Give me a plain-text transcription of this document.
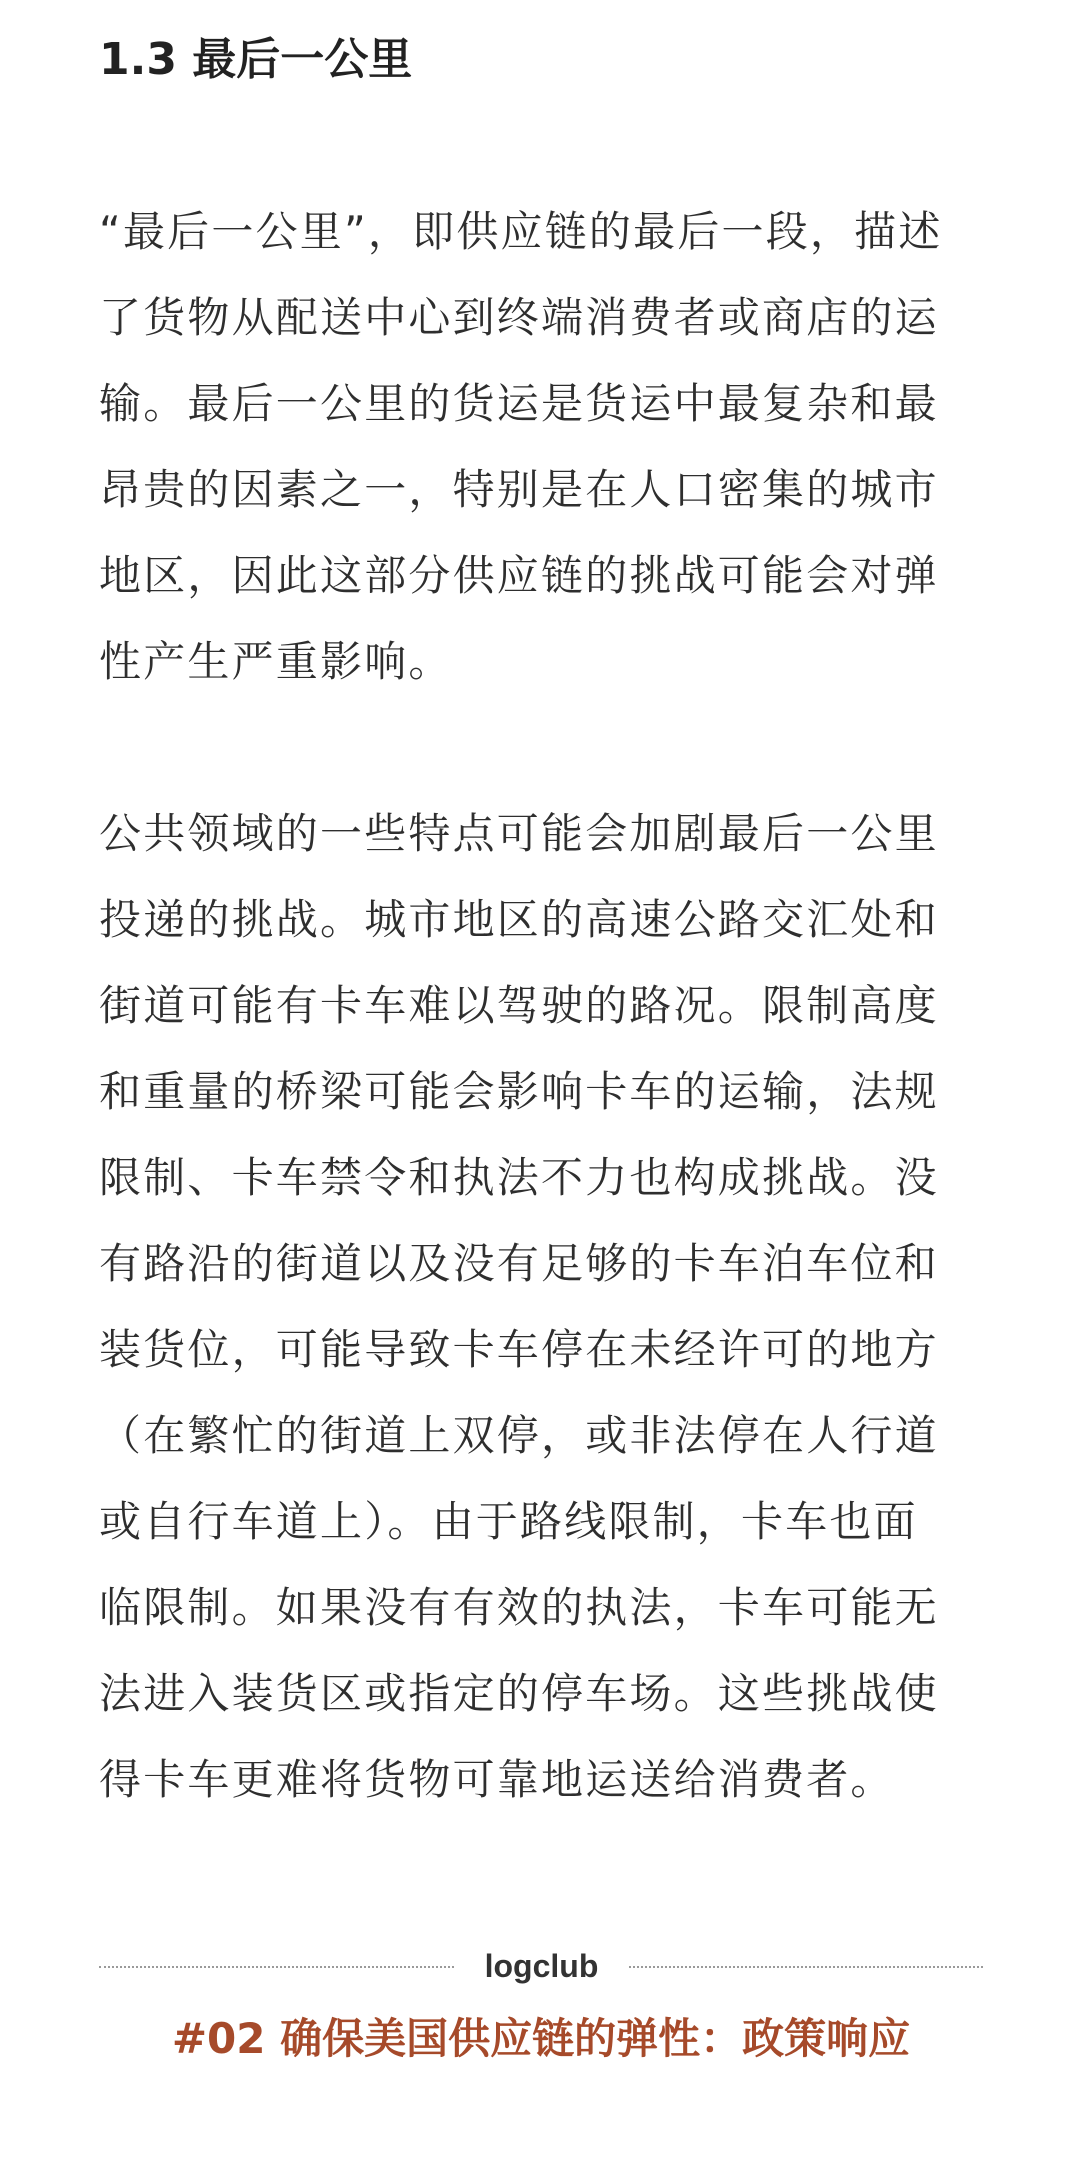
1.3 最后一公里

“最后一公里”，即供应链的最后一段，描述
了货物从配送中心到终端消费者或商店的运
输。最后一公里的货运是货运中最复杂和最
昂贵的因素之一，特别是在人口密集的城市
地区，因此这部分供应链的挑战可能会对弹
性产生严重影响。

公共领域的一些特点可能会加剧最后一公里
投递的挑战。城市地区的高速公路交汇处和
街道可能有卡车难以驾驶的路况。限制高度
和重量的桥梁可能会影响卡车的运输，法规
限制、卡车禁令和执法不力也构成挑战。没
有路沿的街道以及没有足够的卡车泊车位和
装货位，可能导致卡车停在未经许可的地方
（在繁忙的街道上双停，或非法停在人行道
或自行车道上）。由于路线限制，卡车也面
临限制。如果没有有效的执法，卡车可能无
法进入装货区或指定的停车场。这些挑战使
得卡车更难将货物可靠地运送给消费者。

logclub

#02 确保美国供应链的弹性：政策响应
